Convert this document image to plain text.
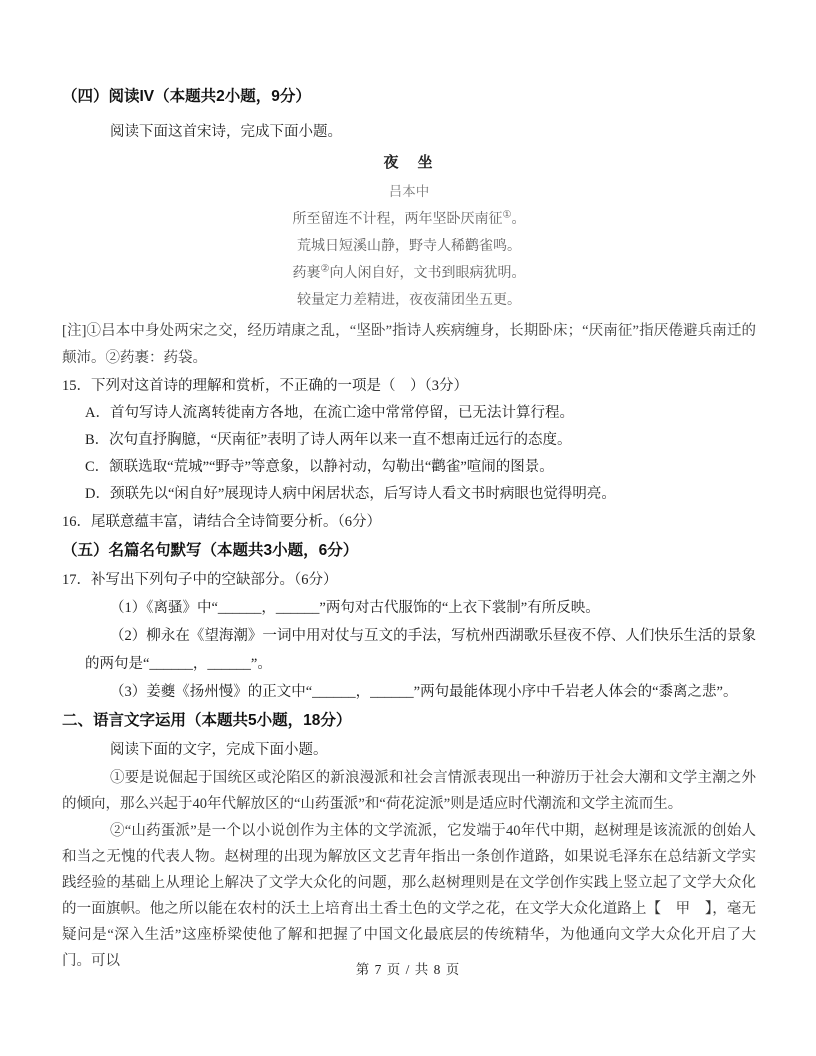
（四）阅读IV（本题共2小题，9分）
阅读下面这首宋诗，完成下面小题。
夜　坐
吕本中
所至留连不计程，两年坚卧厌南征①。
荒城日短溪山静，野寺人稀鹳雀鸣。
药裹②向人闲自好，文书到眼病犹明。
较量定力差精进，夜夜蒲团坐五更。
[注]①吕本中身处两宋之交，经历靖康之乱，“坚卧”指诗人疾病缠身，长期卧床；“厌南征”指厌倦避兵南迁的颠沛。②药裹：药袋。
15．下列对这首诗的理解和赏析，不正确的一项是（　）（3分）
A．首句写诗人流离转徙南方各地，在流亡途中常常停留，已无法计算行程。
B．次句直抒胸臆，“厌南征”表明了诗人两年以来一直不想南迁远行的态度。
C．颔联选取“荒城”“野寺”等意象，以静衬动，勾勒出“鹳雀”喧闹的图景。
D．颈联先以“闲自好”展现诗人病中闲居状态，后写诗人看文书时病眼也觉得明亮。
16．尾联意蕴丰富，请结合全诗简要分析。（6分）
（五）名篇名句默写（本题共3小题，6分）
17．补写出下列句子中的空缺部分。（6分）
（1）《离骚》中“______，______”两句对古代服饰的“上衣下裳制”有所反映。
（2）柳永在《望海潮》一词中用对仗与互文的手法，写杭州西湖歌乐昼夜不停、人们快乐生活的景象的两句是“______，______”。
（3）姜夔《扬州慢》的正文中“______，______”两句最能体现小序中千岩老人体会的“黍离之悲”。
二、语言文字运用（本题共5小题，18分）
阅读下面的文字，完成下面小题。
①要是说倔起于国统区或沦陷区的新浪漫派和社会言情派表现出一种游历于社会大潮和文学主潮之外的倾向，那么兴起于40年代解放区的“山药蛋派”和“荷花淀派”则是适应时代潮流和文学主流而生。
②“山药蛋派”是一个以小说创作为主体的文学流派，它发端于40年代中期，赵树理是该流派的创始人和当之无愧的代表人物。赵树理的出现为解放区文艺青年指出一条创作道路，如果说毛泽东在总结新文学实践经验的基础上从理论上解决了文学大众化的问题，那么赵树理则是在文学创作实践上竖立起了文学大众化的一面旗帜。他之所以能在农村的沃土上培育出土香土色的文学之花，在文学大众化道路上【　甲　】，毫无疑问是“深入生活”这座桥梁使他了解和把握了中国文化最底层的传统精华，为他通向文学大众化开启了大门。可以
第 7 页 / 共 8 页
